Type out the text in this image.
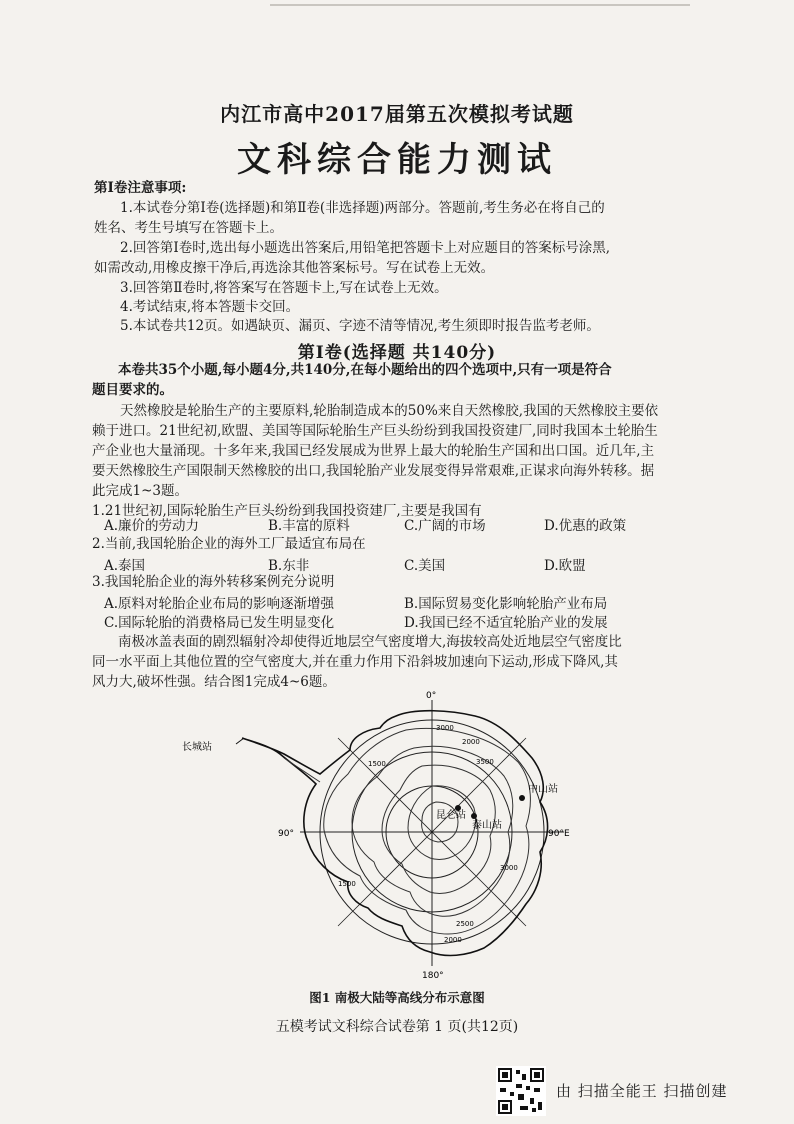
内江市高中2017届第五次模拟考试题
文科综合能力测试
第Ⅰ卷注意事项:
1.本试卷分第Ⅰ卷(选择题)和第Ⅱ卷(非选择题)两部分。答题前,考生务必在将自己的
姓名、考生号填写在答题卡上。
2.回答第Ⅰ卷时,选出每小题选出答案后,用铅笔把答题卡上对应题目的答案标号涂黑,
如需改动,用橡皮擦干净后,再选涂其他答案标号。写在试卷上无效。
3.回答第Ⅱ卷时,将答案写在答题卡上,写在试卷上无效。
4.考试结束,将本答题卡交回。
5.本试卷共12页。如遇缺页、漏页、字迹不清等情况,考生须即时报告监考老师。
第Ⅰ卷(选择题 共140分)
本卷共35个小题,每小题4分,共140分,在每小题给出的四个选项中,只有一项是符合
题目要求的。
天然橡胶是轮胎生产的主要原料,轮胎制造成本的50%来自天然橡胶,我国的天然橡胶主要依
赖于进口。21世纪初,欧盟、美国等国际轮胎生产巨头纷纷到我国投资建厂,同时我国本土轮胎生
产企业也大量涌现。十多年来,我国已经发展成为世界上最大的轮胎生产国和出口国。近几年,主
要天然橡胶生产国限制天然橡胶的出口,我国轮胎产业发展变得异常艰难,正谋求向海外转移。据
此完成1~3题。
1.21世纪初,国际轮胎生产巨头纷纷到我国投资建厂,主要是我国有
A.廉价的劳动力	B.丰富的原料	C.广阔的市场	D.优惠的政策
2.当前,我国轮胎企业的海外工厂最适宜布局在
A.泰国	B.东非	C.美国	D.欧盟
3.我国轮胎企业的海外转移案例充分说明
A.原料对轮胎企业布局的影响逐渐增强	B.国际贸易变化影响轮胎产业布局
C.国际轮胎的消费格局已发生明显变化	D.我国已经不适宜轮胎产业的发展
南极冰盖表面的剧烈辐射冷却使得近地层空气密度增大,海拔较高处近地层空气密度比
同一水平面上其他位置的空气密度大,并在重力作用下沿斜坡加速向下运动,形成下降风,其
风力大,破坏性强。结合图1完成4~6题。
0°
90°	90°E
180°
3000
2000
3500
3000
2500
2000
1500
1500
长城站
中山站
昆仑站
泰山站
图1 南极大陆等高线分布示意图
五模考试文科综合试卷第 1 页(共12页)
由 扫描全能王 扫描创建
